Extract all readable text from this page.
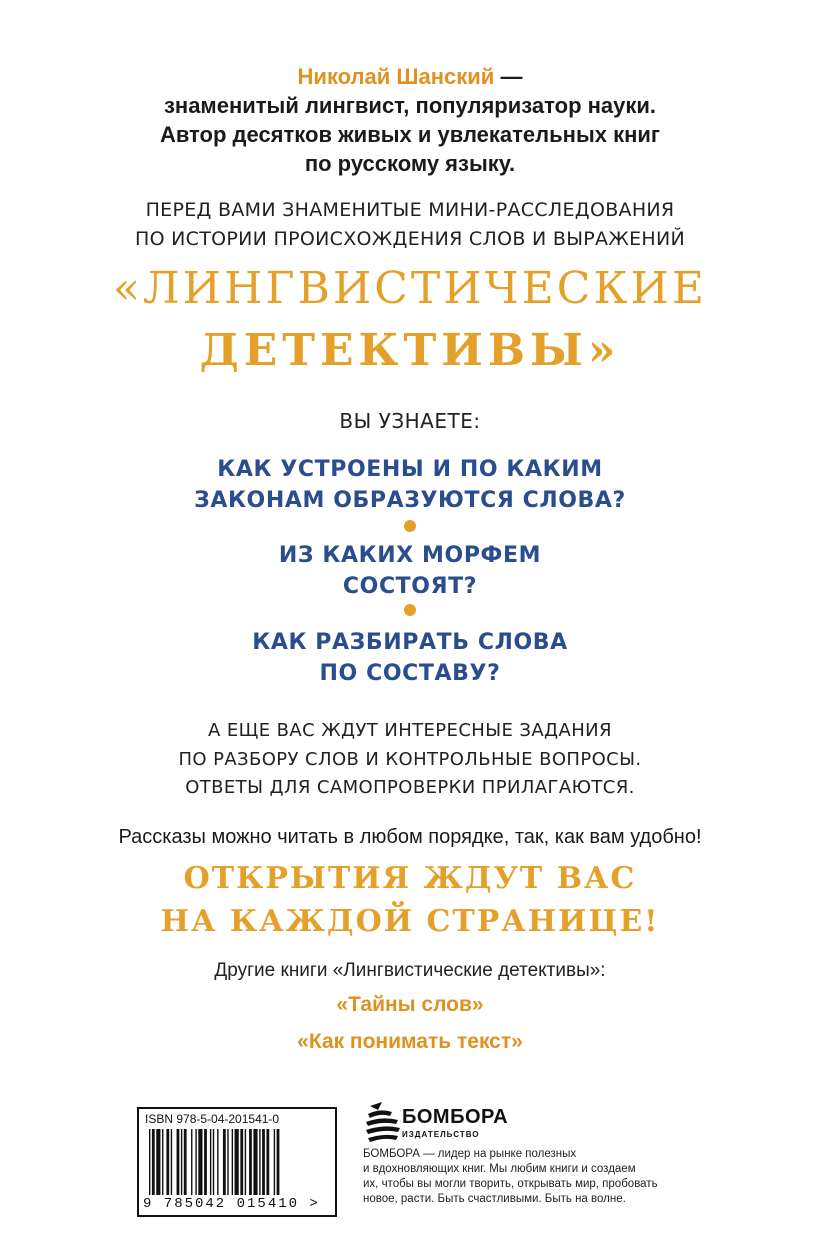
Николай Шанский —
знаменитый лингвист, популяризатор науки.
Автор десятков живых и увлекательных книг
по русскому языку.
ПЕРЕД ВАМИ ЗНАМЕНИТЫЕ МИНИ-РАССЛЕДОВАНИЯ
ПО ИСТОРИИ ПРОИСХОЖДЕНИЯ СЛОВ И ВЫРАЖЕНИЙ
«ЛИНГВИСТИЧЕСКИЕ
ДЕТЕКТИВЫ»
ВЫ УЗНАЕТЕ:
КАК УСТРОЕНЫ И ПО КАКИМ
ЗАКОНАМ ОБРАЗУЮТСЯ СЛОВА?
ИЗ КАКИХ МОРФЕМ
СОСТОЯТ?
КАК РАЗБИРАТЬ СЛОВА
ПО СОСТАВУ?
А ЕЩЕ ВАС ЖДУТ ИНТЕРЕСНЫЕ ЗАДАНИЯ
ПО РАЗБОРУ СЛОВ И КОНТРОЛЬНЫЕ ВОПРОСЫ.
ОТВЕТЫ ДЛЯ САМОПРОВЕРКИ ПРИЛАГАЮТСЯ.
Рассказы можно читать в любом порядке, так, как вам удобно!
ОТКРЫТИЯ ЖДУТ ВАС
НА КАЖДОЙ СТРАНИЦЕ!
Другие книги «Лингвистические детективы»:
«Тайны слов»
«Как понимать текст»
ISBN 978-5-04-201541-0
9 785042 015410 >
БОМБОРА
ИЗДАТЕЛЬСТВО
БОМБОРА — лидер на рынке полезных
и вдохновляющих книг. Мы любим книги и создаем
их, чтобы вы могли творить, открывать мир, пробовать
новое, расти. Быть счастливыми. Быть на волне.
